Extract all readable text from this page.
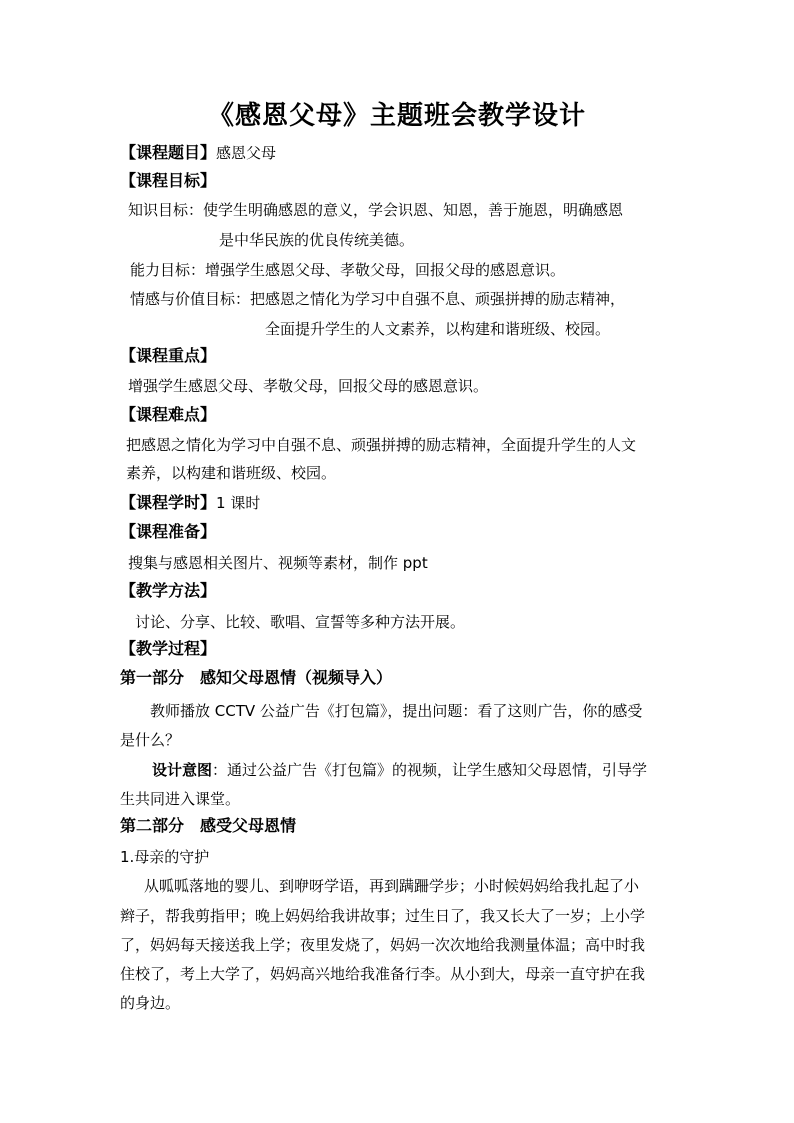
《感恩父母》主题班会教学设计
【课程题目】感恩父母
【课程目标】
知识目标：使学生明确感恩的意义，学会识恩、知恩，善于施恩，明确感恩
是中华民族的优良传统美德。
能力目标：增强学生感恩父母、孝敬父母，回报父母的感恩意识。
情感与价值目标：把感恩之情化为学习中自强不息、顽强拼搏的励志精神，
全面提升学生的人文素养，以构建和谐班级、校园。
【课程重点】
增强学生感恩父母、孝敬父母，回报父母的感恩意识。
【课程难点】
把感恩之情化为学习中自强不息、顽强拼搏的励志精神，全面提升学生的人文
素养，以构建和谐班级、校园。
【课程学时】1 课时
【课程准备】
搜集与感恩相关图片、视频等素材，制作 ppt
【教学方法】
讨论、分享、比较、歌唱、宣誓等多种方法开展。
【教学过程】
第一部分　感知父母恩情（视频导入）
教师播放 CCTV 公益广告《打包篇》，提出问题：看了这则广告，你的感受
是什么？
设计意图：通过公益广告《打包篇》的视频，让学生感知父母恩情，引导学
生共同进入课堂。
第二部分　感受父母恩情
1.母亲的守护
从呱呱落地的婴儿、到咿呀学语，再到蹒跚学步；小时候妈妈给我扎起了小
辫子，帮我剪指甲；晚上妈妈给我讲故事；过生日了，我又长大了一岁；上小学
了，妈妈每天接送我上学；夜里发烧了，妈妈一次次地给我测量体温；高中时我
住校了，考上大学了，妈妈高兴地给我准备行李。从小到大，母亲一直守护在我
的身边。
